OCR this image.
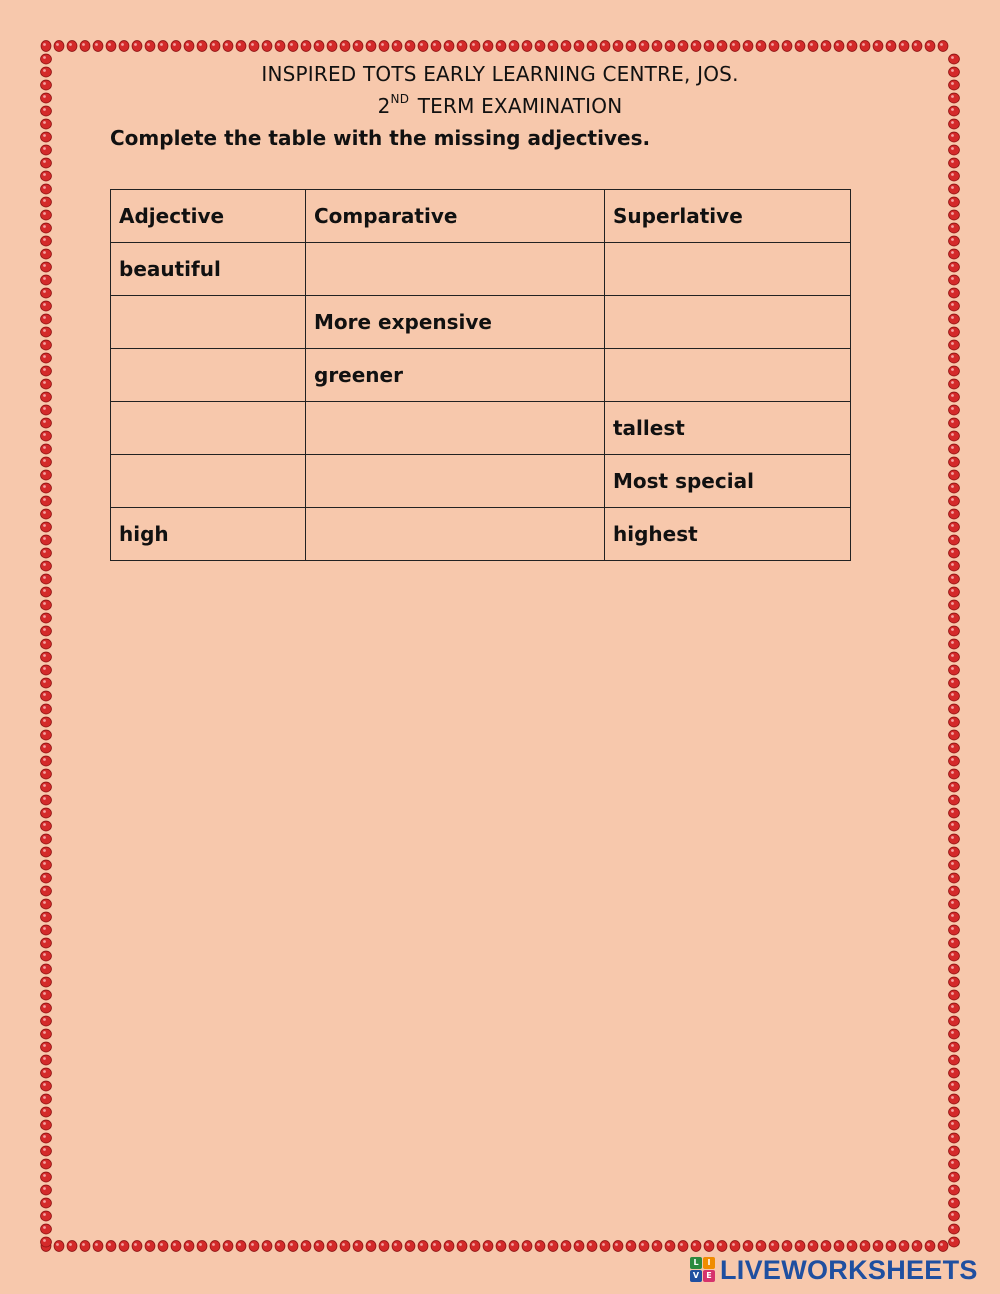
INSPIRED TOTS EARLY LEARNING CENTRE, JOS.
2ND TERM EXAMINATION
Complete the table with the missing adjectives.
Adjective	Comparative	Superlative
beautiful		
	More expensive	
	greener	
		tallest
		Most special
high		highest
L	I
V E LIVEWORKSHEETS
